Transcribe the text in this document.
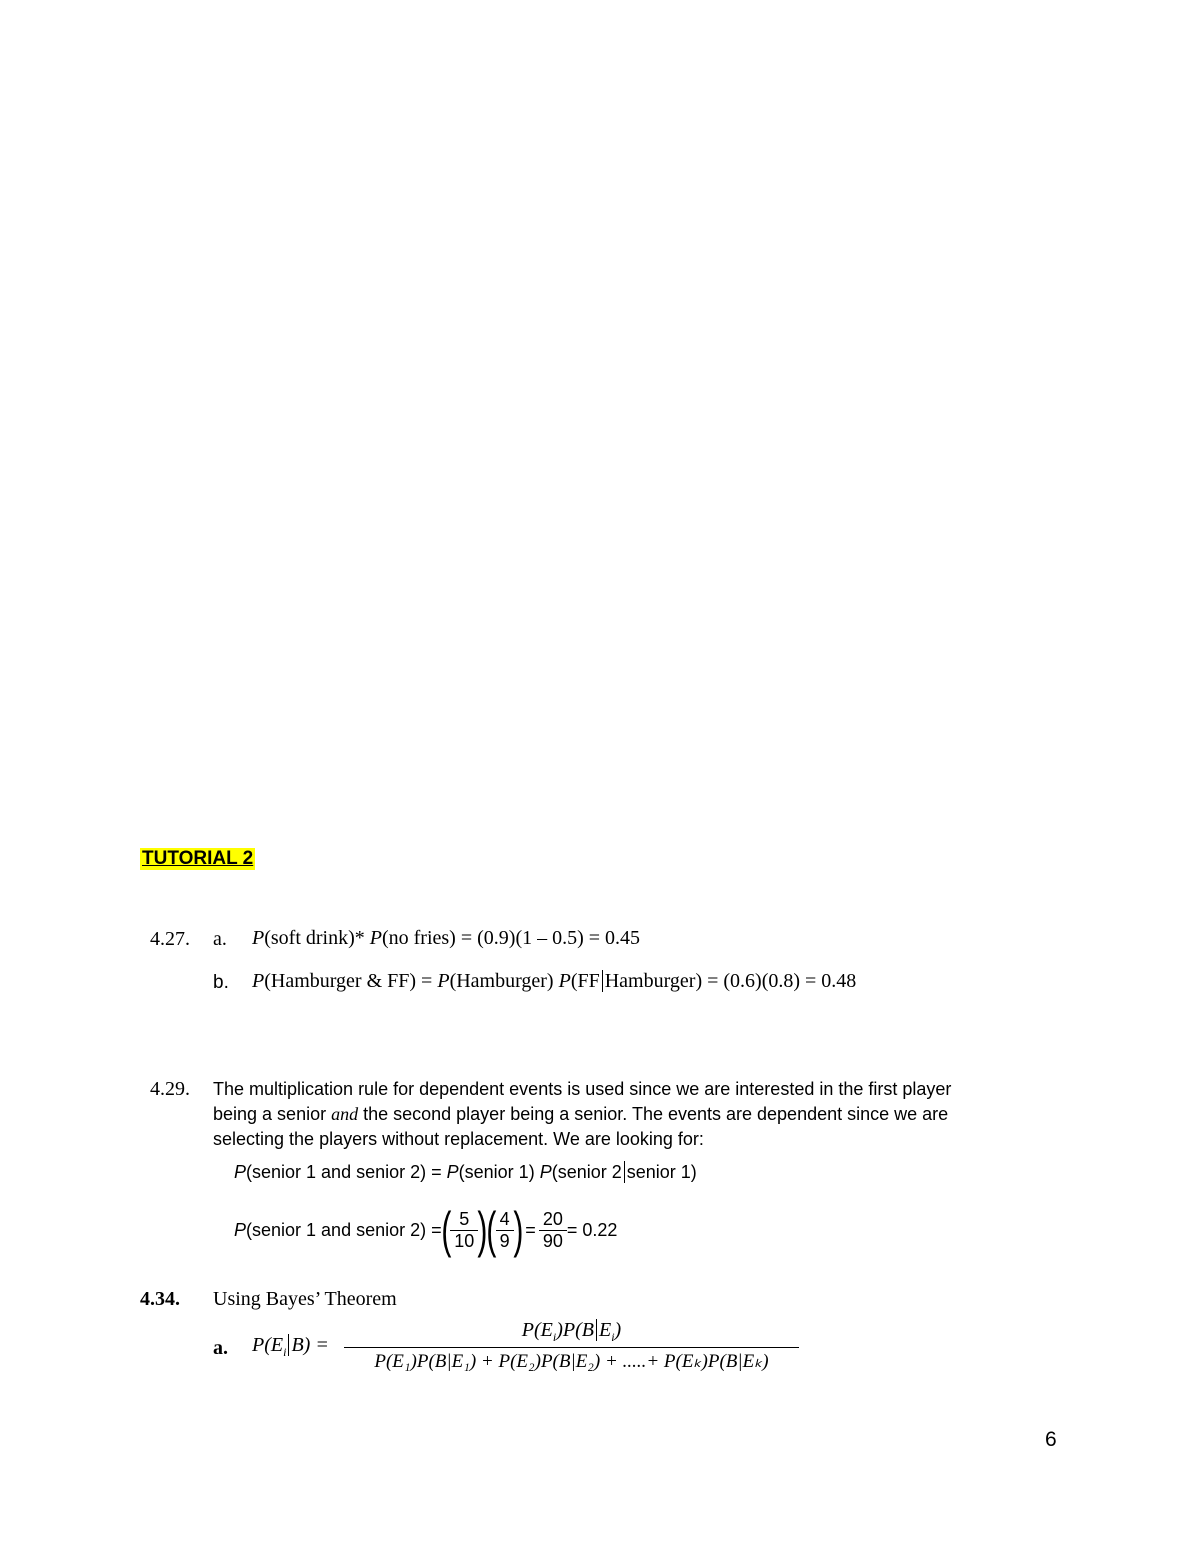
TUTORIAL 2
4.27. a. P(soft drink)* P(no fries) = (0.9)(1 – 0.5) = 0.45
b. P(Hamburger & FF) = P(Hamburger) P(FF Hamburger) = (0.6)(0.8) = 0.48
4.29. The multiplication rule for dependent events is used since we are interested in the first player
being a senior and the second player being a senior. The events are dependent since we are
selecting the players without replacement. We are looking for:
P(senior 1 and senior 2) = P(senior 1) P(senior 2 senior 1)
P (senior 1 and senior 2) = ( $\frac{5}{10}$ )
( $\frac{4}{9}$ ) = $\frac{20}{90} = 0.22$
4.34. Using Bayes’ Theorem
a. $P(E_i$ B) =
$P(E_i)P(B$ $E_i$)
P(E₁)P(B|E₁) + P(E₂)P(B|E₂) + .....+ P(Eₖ)P(B|Eₖ)
6
